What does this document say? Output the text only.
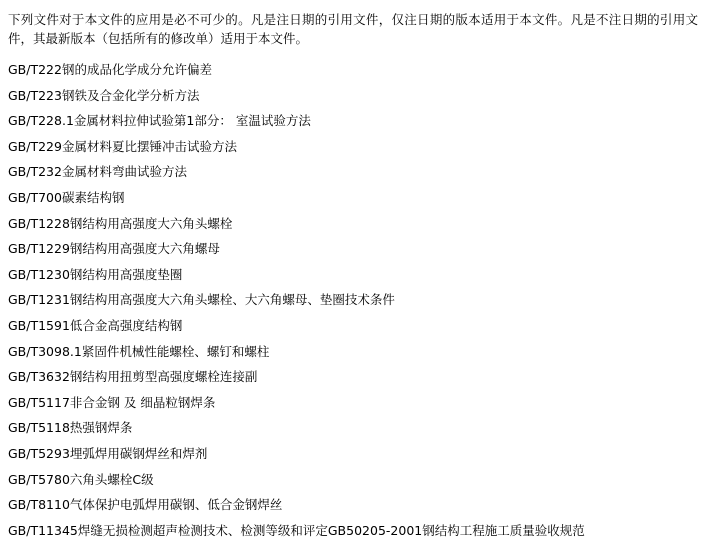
下列文件对于本文件的应用是必不可少的。凡是注日期的引用文件，仅注日期的版本适用于本文件。凡是不注日期的引用文件，其最新版本（包括所有的修改单）适用于本文件。

GB/T222钢的成品化学成分允许偏差
GB/T223钢铁及合金化学分析方法
GB/T228.1金属材料拉伸试验第1部分： 室温试验方法
GB/T229金属材料夏比摆锤冲击试验方法
GB/T232金属材料弯曲试验方法
GB/T700碳素结构钢
GB/T1228钢结构用高强度大六角头螺栓
GB/T1229钢结构用高强度大六角螺母
GB/T1230钢结构用高强度垫圈
GB/T1231钢结构用高强度大六角头螺栓、大六角螺母、垫圈技术条件
GB/T1591低合金高强度结构钢
GB/T3098.1紧固件机械性能螺栓、螺钉和螺柱
GB/T3632钢结构用扭剪型高强度螺栓连接副
GB/T5117非合金钢 及 细晶粒钢焊条
GB/T5118热强钢焊条
GB/T5293埋弧焊用碳钢焊丝和焊剂
GB/T5780六角头螺栓C级
GB/T8110气体保护电弧焊用碳钢、低合金钢焊丝
GB/T11345焊缝无损检测超声检测技术、检测等级和评定GB50205-2001钢结构工程施工质量验收规范
